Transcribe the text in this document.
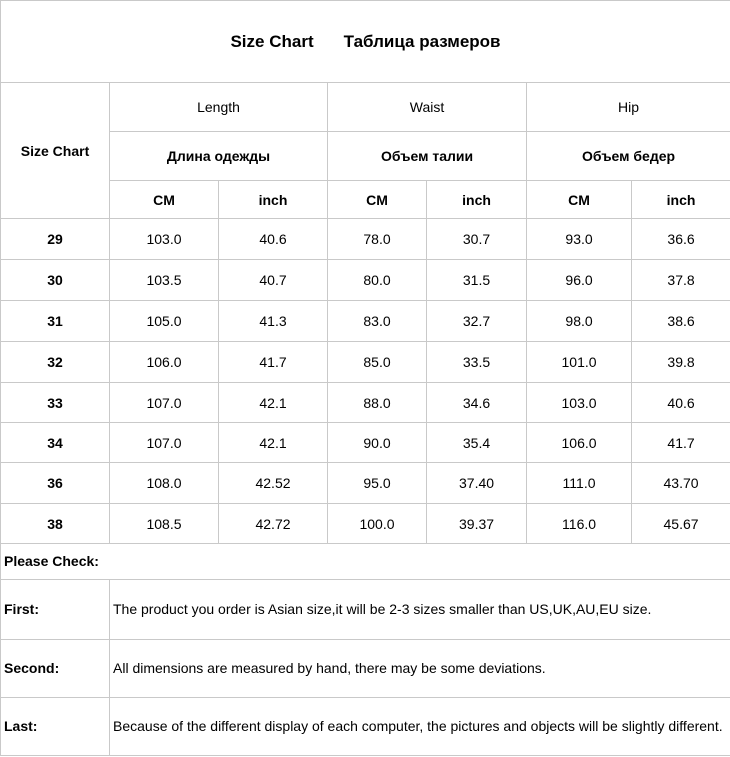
Size Chart Таблица размеров
Size Chart	Length		Waist		Hip	
	Длина одежды		Объем талии		Объем бедер	
	CM	inch	CM	inch	CM	inch
29	103.0	40.6	78.0	30.7	93.0	36.6
30	103.5	40.7	80.0	31.5	96.0	37.8
31	105.0	41.3	83.0	32.7	98.0	38.6
32	106.0	41.7	85.0	33.5	101.0	39.8
33	107.0	42.1	88.0	34.6	103.0	40.6
34	107.0	42.1	90.0	35.4	106.0	41.7
36	108.0	42.52	95.0	37.40	111.0	43.70
38	108.5	42.72	100.0	39.37	116.0	45.67
Please Check:	
First:	The product you order is Asian size,it will be 2-3 sizes smaller than US,UK,AU,EU size.
Second:	All dimensions are measured by hand, there may be some deviations.
Last:	Because of the different display of each computer, the pictures and objects will be slightly different.
